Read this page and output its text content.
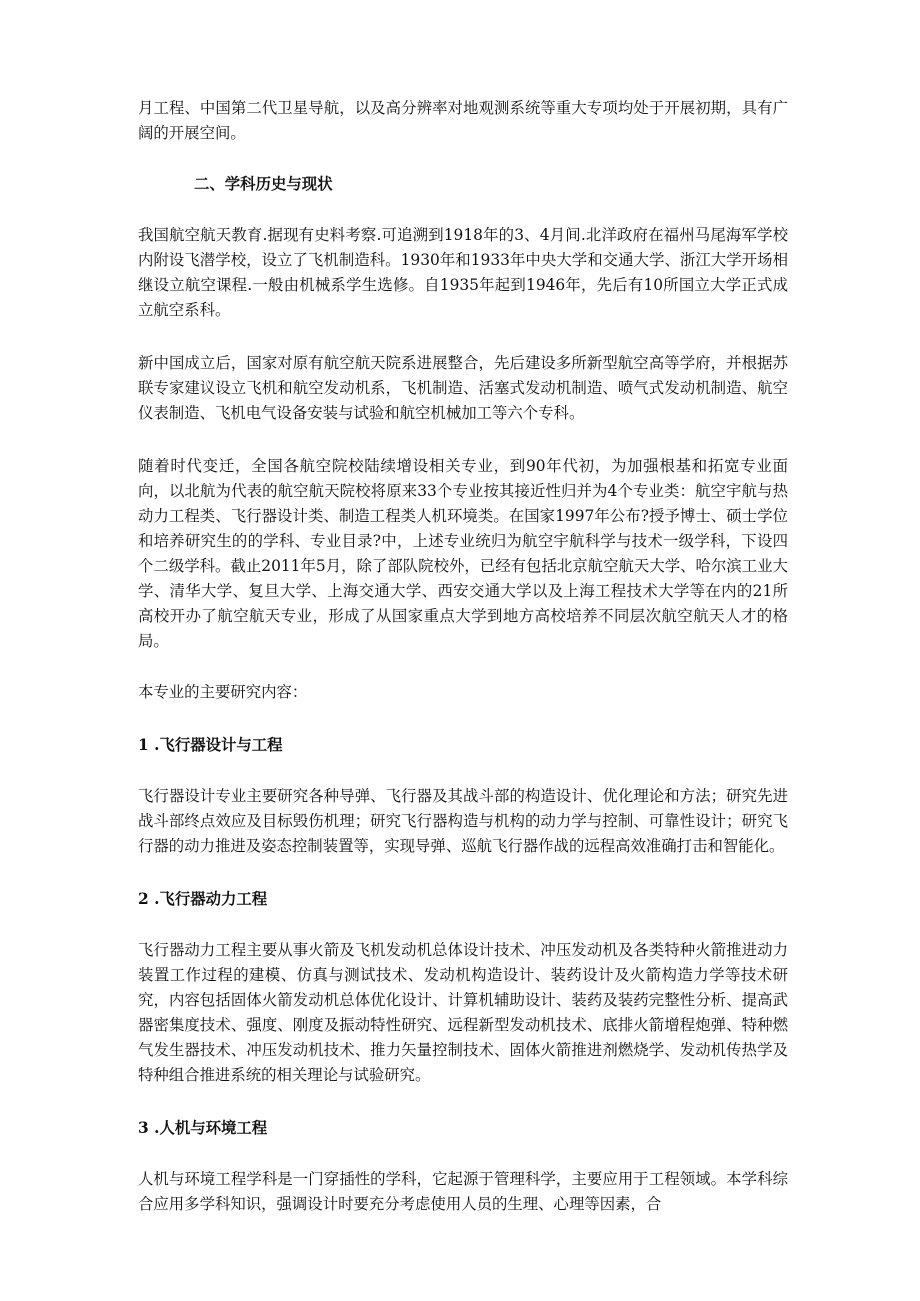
月工程、中国第二代卫星导航，以及高分辨率对地观测系统等重大专项均处于开展初期，具有广阔的开展空间。

二、学科历史与现状

我国航空航天教育.据现有史料考察.可追溯到1918年的3、4月间.北洋政府在福州马尾海军学校内附设飞潜学校，设立了飞机制造科。1930年和1933年中央大学和交通大学、浙江大学开场相继设立航空课程.一般由机械系学生选修。自1935年起到1946年，先后有10所国立大学正式成立航空系科。

新中国成立后，国家对原有航空航天院系进展整合，先后建设多所新型航空高等学府，并根据苏联专家建议设立飞机和航空发动机系，飞机制造、活塞式发动机制造、喷气式发动机制造、航空仪表制造、飞机电气设备安装与试验和航空机械加工等六个专科。

随着时代变迁，全国各航空院校陆续增设相关专业，到90年代初，为加强根基和拓宽专业面向，以北航为代表的航空航天院校将原来33个专业按其接近性归并为4个专业类：航空宇航与热动力工程类、飞行器设计类、制造工程类人机环境类。在国家1997年公布?授予博士、硕士学位和培养研究生的的学科、专业目录?中，上述专业统归为航空宇航科学与技术一级学科，下设四个二级学科。截止2011年5月，除了部队院校外，已经有包括北京航空航天大学、哈尔滨工业大学、清华大学、复旦大学、上海交通大学、西安交通大学以及上海工程技术大学等在内的21所高校开办了航空航天专业，形成了从国家重点大学到地方高校培养不同层次航空航天人才的格局。

本专业的主要研究内容：

1 .飞行器设计与工程

飞行器设计专业主要研究各种导弹、飞行器及其战斗部的构造设计、优化理论和方法；研究先进战斗部终点效应及目标毁伤机理；研究飞行器构造与机构的动力学与控制、可靠性设计；研究飞行器的动力推进及姿态控制装置等，实现导弹、巡航飞行器作战的远程高效准确打击和智能化。

2 .飞行器动力工程

飞行器动力工程主要从事火箭及飞机发动机总体设计技术、冲压发动机及各类特种火箭推进动力装置工作过程的建模、仿真与测试技术、发动机构造设计、装药设计及火箭构造力学等技术研究，内容包括固体火箭发动机总体优化设计、计算机辅助设计、装药及装药完整性分析、提高武器密集度技术、强度、刚度及振动特性研究、远程新型发动机技术、底排火箭增程炮弹、特种燃气发生器技术、冲压发动机技术、推力矢量控制技术、固体火箭推进剂燃烧学、发动机传热学及特种组合推进系统的相关理论与试验研究。

3 .人机与环境工程

人机与环境工程学科是一门穿插性的学科，它起源于管理科学，主要应用于工程领域。本学科综合应用多学科知识，强调设计时要充分考虑使用人员的生理、心理等因素，合
